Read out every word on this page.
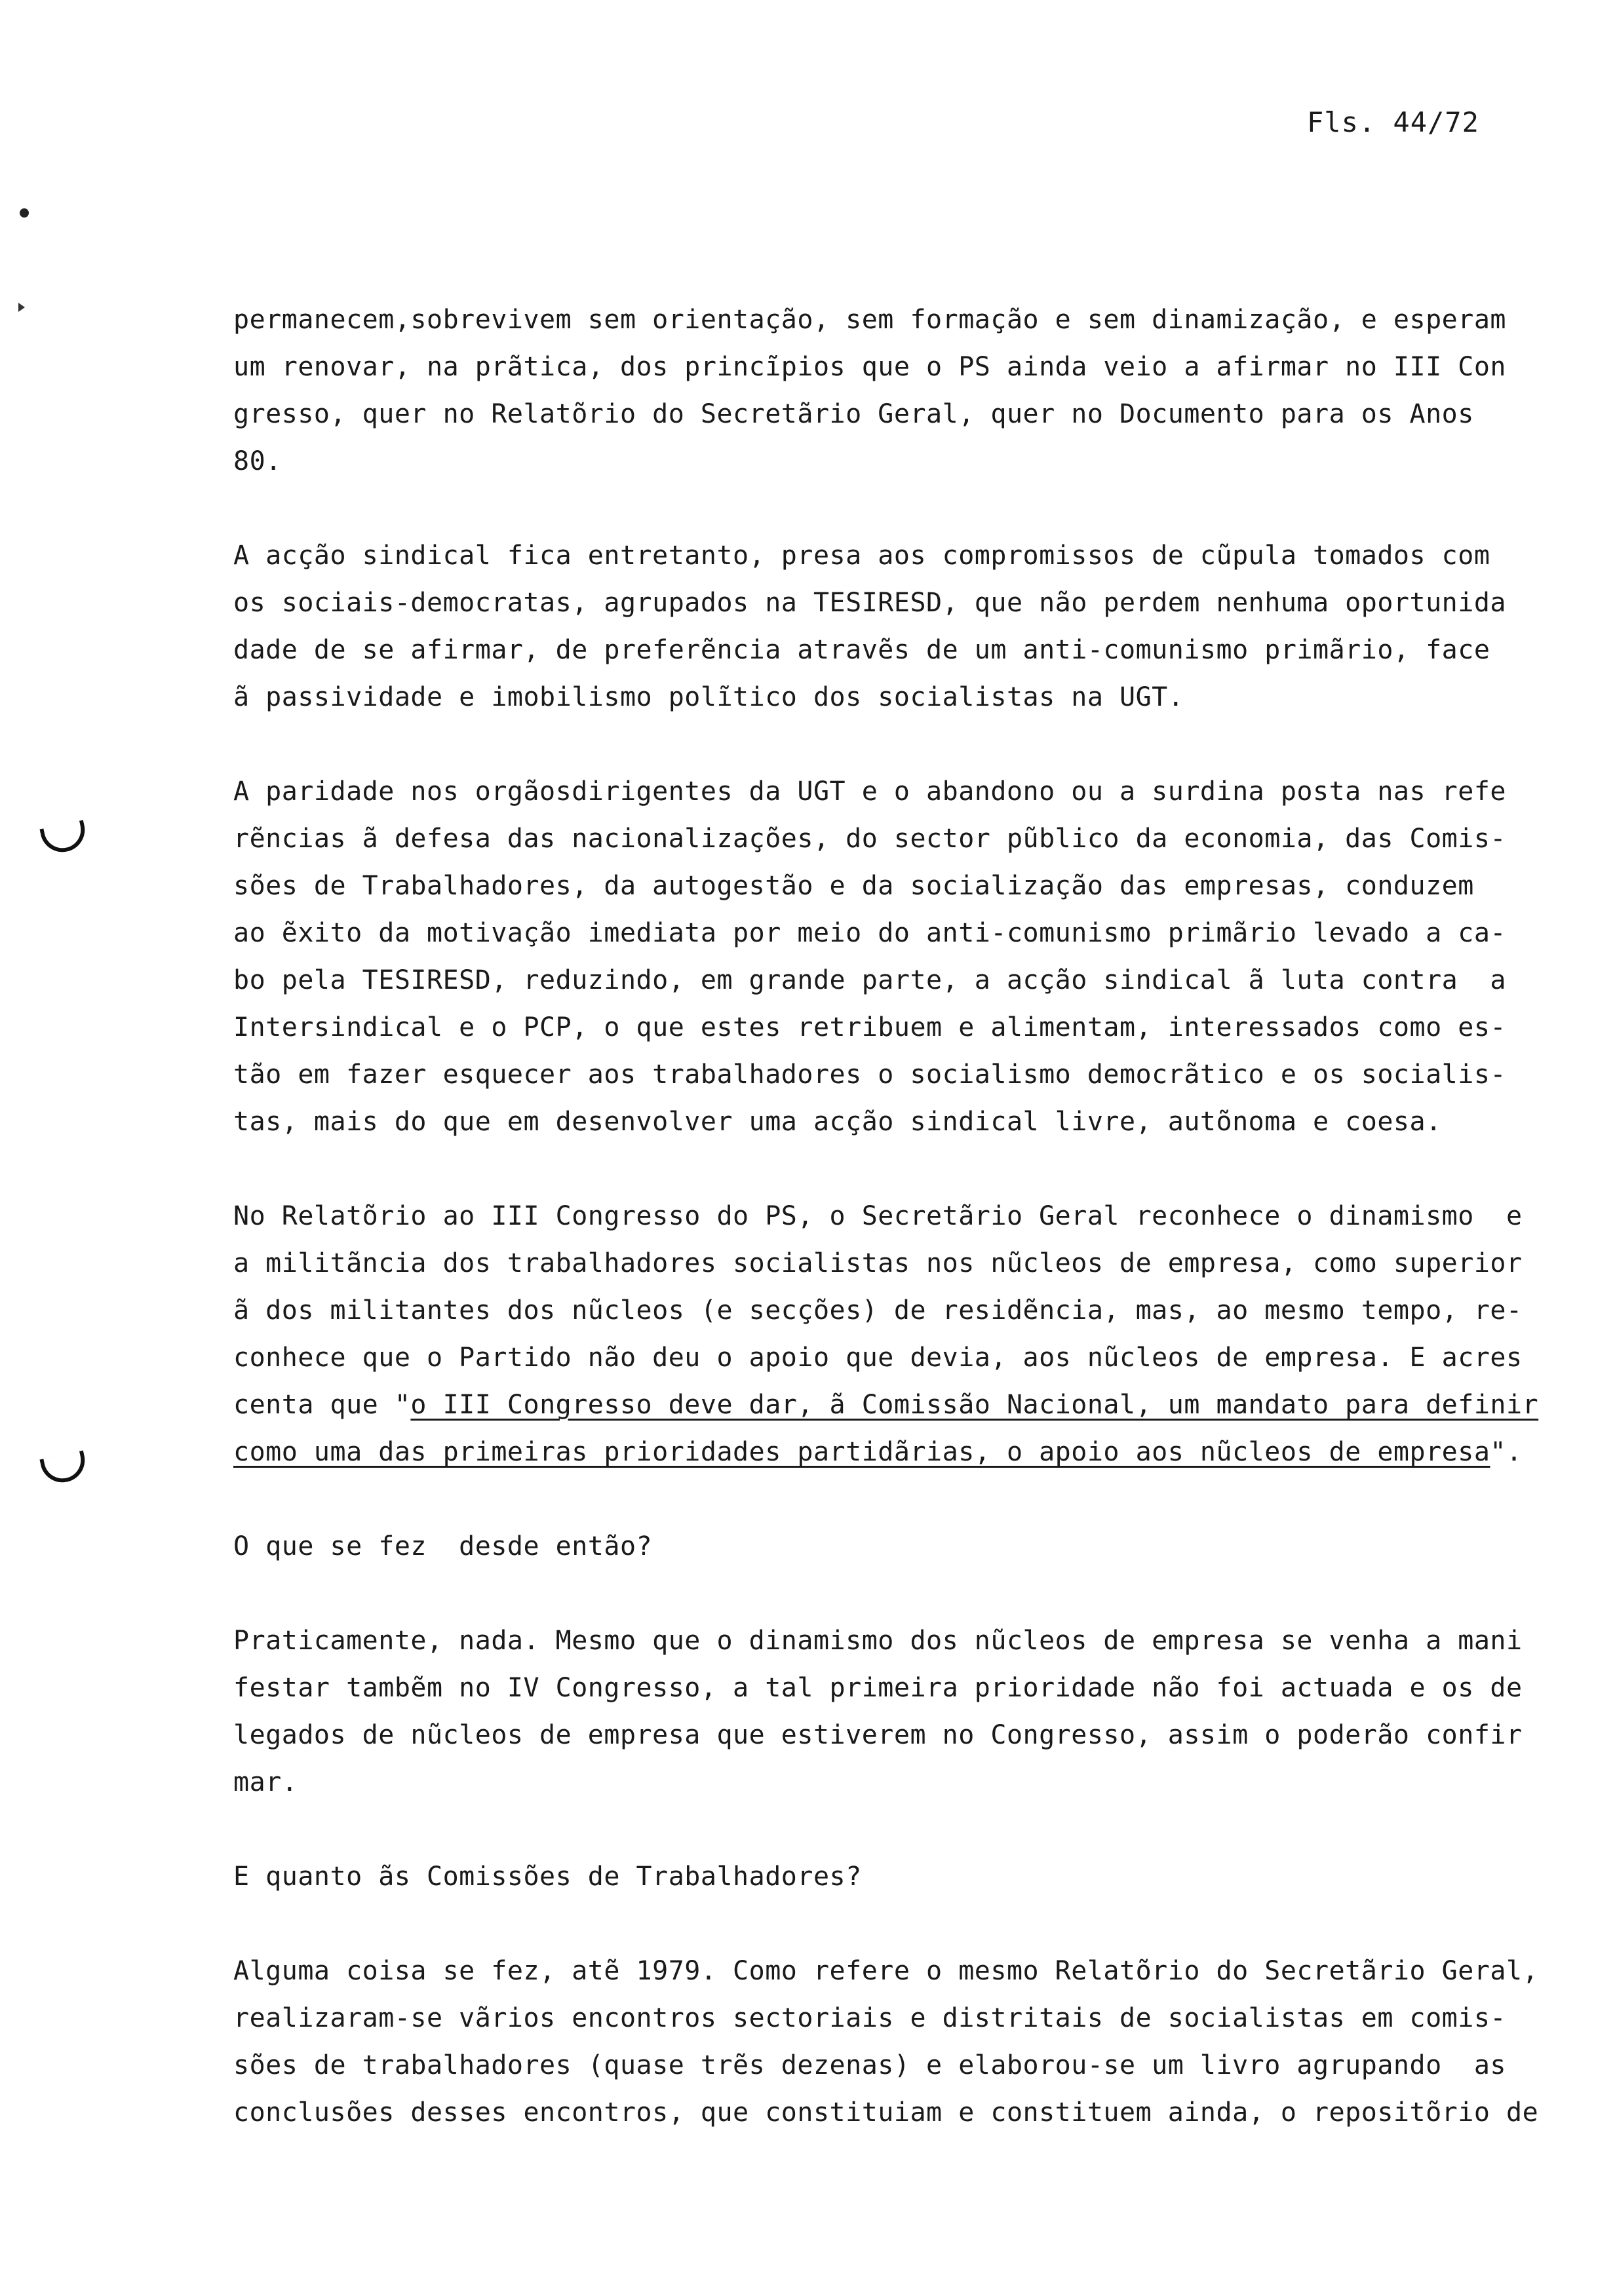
Fls. 44/72
permanecem,sobrevivem sem orientação, sem formação e sem dinamização, e esperam
um renovar, na prãtica, dos princĩpios que o PS ainda veio a afirmar no III Con
gresso, quer no Relatõrio do Secretãrio Geral, quer no Documento para os Anos
80.
A acção sindical fica entretanto, presa aos compromissos de cũpula tomados com
os sociais-democratas, agrupados na TESIRESD, que não perdem nenhuma oportunida
dade de se afirmar, de preferẽncia atravẽs de um anti-comunismo primãrio, face
ã passividade e imobilismo polĩtico dos socialistas na UGT.
A paridade nos orgãosdirigentes da UGT e o abandono ou a surdina posta nas refe
rẽncias ã defesa das nacionalizações, do sector pũblico da economia, das Comis-
sões de Trabalhadores, da autogestão e da socialização das empresas, conduzem
ao ẽxito da motivação imediata por meio do anti-comunismo primãrio levado a ca-
bo pela TESIRESD, reduzindo, em grande parte, a acção sindical ã luta contra  a
Intersindical e o PCP, o que estes retribuem e alimentam, interessados como es-
tão em fazer esquecer aos trabalhadores o socialismo democrãtico e os socialis-
tas, mais do que em desenvolver uma acção sindical livre, autõnoma e coesa.
No Relatõrio ao III Congresso do PS, o Secretãrio Geral reconhece o dinamismo  e
a militãncia dos trabalhadores socialistas nos nũcleos de empresa, como superior
ã dos militantes dos nũcleos (e secções) de residẽncia, mas, ao mesmo tempo, re-
conhece que o Partido não deu o apoio que devia, aos nũcleos de empresa. E acres
centa que "o III Congresso deve dar, ã Comissão Nacional, um mandato para definir
como uma das primeiras prioridades partidãrias, o apoio aos nũcleos de empresa".
O que se fez  desde então?
Praticamente, nada. Mesmo que o dinamismo dos nũcleos de empresa se venha a mani
festar tambẽm no IV Congresso, a tal primeira prioridade não foi actuada e os de
legados de nũcleos de empresa que estiverem no Congresso, assim o poderão confir
mar.
E quanto ãs Comissões de Trabalhadores?
Alguma coisa se fez, atẽ 1979. Como refere o mesmo Relatõrio do Secretãrio Geral,
realizaram-se vãrios encontros sectoriais e distritais de socialistas em comis-
sões de trabalhadores (quase trẽs dezenas) e elaborou-se um livro agrupando  as
conclusões desses encontros, que constituiam e constituem ainda, o repositõrio de
